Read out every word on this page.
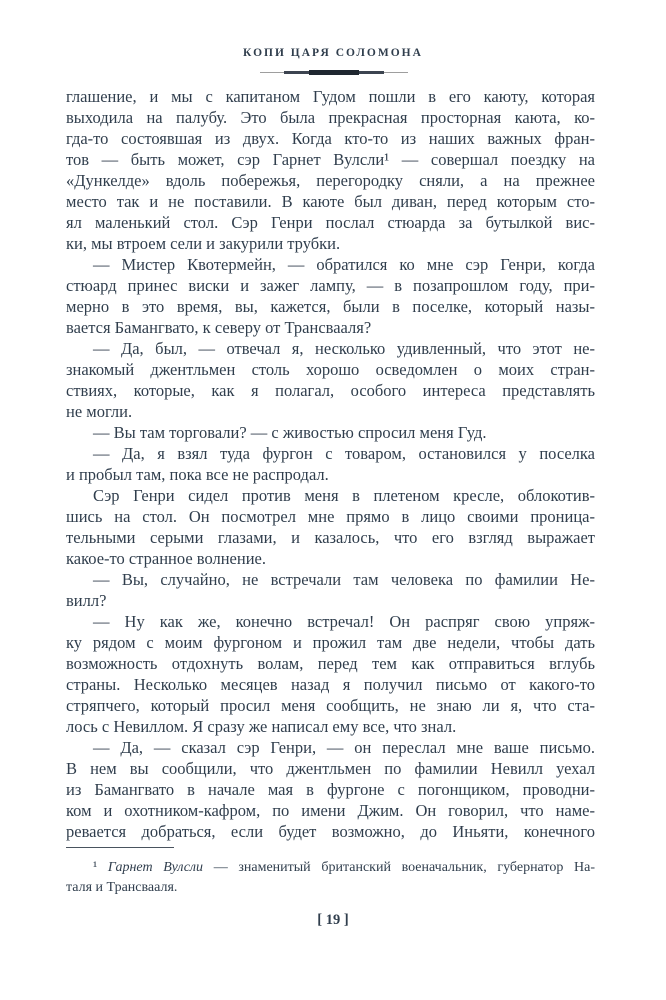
КОПИ ЦАРЯ СОЛОМОНА
глашение, и мы с капитаном Гудом пошли в его каюту, которая
выходила на палубу. Это была прекрасная просторная каюта, ко-
гда-то состоявшая из двух. Когда кто-то из наших важных фран-
тов — быть может, сэр Гарнет Вулсли¹ — совершал поездку на
«Дункелде» вдоль побережья, перегородку сняли, а на прежнее
место так и не поставили. В каюте был диван, перед которым сто-
ял маленький стол. Сэр Генри послал стюарда за бутылкой вис-
ки, мы втроем сели и закурили трубки.
— Мистер Квотермейн, — обратился ко мне сэр Генри, когда
стюард принес виски и зажег лампу, — в позапрошлом году, при-
мерно в это время, вы, кажется, были в поселке, который назы-
вается Бамангвато, к северу от Трансвааля?
— Да, был, — отвечал я, несколько удивленный, что этот не-
знакомый джентльмен столь хорошо осведомлен о моих стран-
ствиях, которые, как я полагал, особого интереса представлять
не могли.
— Вы там торговали? — с живостью спросил меня Гуд.
— Да, я взял туда фургон с товаром, остановился у поселка
и пробыл там, пока все не распродал.
Сэр Генри сидел против меня в плетеном кресле, облокотив-
шись на стол. Он посмотрел мне прямо в лицо своими проница-
тельными серыми глазами, и казалось, что его взгляд выражает
какое-то странное волнение.
— Вы, случайно, не встречали там человека по фамилии Не-
вилл?
— Ну как же, конечно встречал! Он распряг свою упряж-
ку рядом с моим фургоном и прожил там две недели, чтобы дать
возможность отдохнуть волам, перед тем как отправиться вглубь
страны. Несколько месяцев назад я получил письмо от какого-то
стряпчего, который просил меня сообщить, не знаю ли я, что ста-
лось с Невиллом. Я сразу же написал ему все, что знал.
— Да, — сказал сэр Генри, — он переслал мне ваше письмо.
В нем вы сообщили, что джентльмен по фамилии Невилл уехал
из Бамангвато в начале мая в фургоне с погонщиком, проводни-
ком и охотником-кафром, по имени Джим. Он говорил, что наме-
ревается добраться, если будет возможно, до Иньяти, конечного
¹ Гарнет Вулсли — знаменитый британский военачальник, губернатор На-
таля и Трансвааля.
[ 19 ]
